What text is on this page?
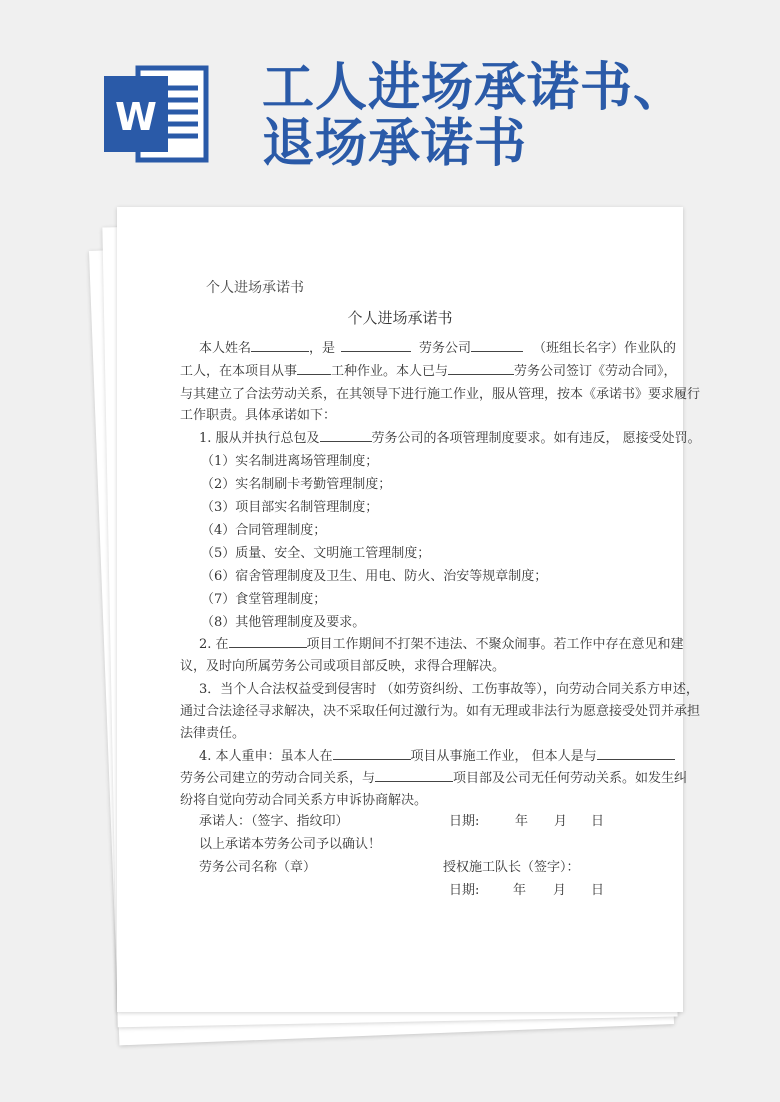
W 工人进场承诺书、
退场承诺书
个人进场承诺书
个人进场承诺书
本人姓名	，是	劳务公司	（班组长名字）作业队的
工人，在本项目从事	工种作业。本人已与	劳务公司签订《劳动合同》，
与其建立了合法劳动关系，在其领导下进行施工作业，服从管理，按本《承诺书》要求履行
工作职责。具体承诺如下：
1. 服从并执行总包及	劳务公司的各项管理制度要求。如有违反， 愿接受处罚。
（1）实名制进离场管理制度；
（2）实名制刷卡考勤管理制度；
（3）项目部实名制管理制度；
（4）合同管理制度；
（5）质量、安全、文明施工管理制度；
（6）宿舍管理制度及卫生、用电、防火、治安等规章制度；
（7）食堂管理制度；
（8）其他管理制度及要求。
2. 在	项目工作期间不打架不违法、不聚众闹事。若工作中存在意见和建
议，及时向所属劳务公司或项目部反映，求得合理解决。
3．当个人合法权益受到侵害时 （如劳资纠纷、工伤事故等），向劳动合同关系方申述，
通过合法途径寻求解决，决不采取任何过激行为。如有无理或非法行为愿意接受处罚并承担
法律责任。
4. 本人重申：虽本人在	项目从事施工作业， 但本人是与
劳务公司建立的劳动合同关系，与	项目部及公司无任何劳动关系。如发生纠
纷将自觉向劳动合同关系方申诉协商解决。
承诺人：（签字、指纹印）	日期:	年 月 日
以上承诺本劳务公司予以确认！
劳务公司名称（章）	授权施工队长（签字）：
日期:	年 月 日
